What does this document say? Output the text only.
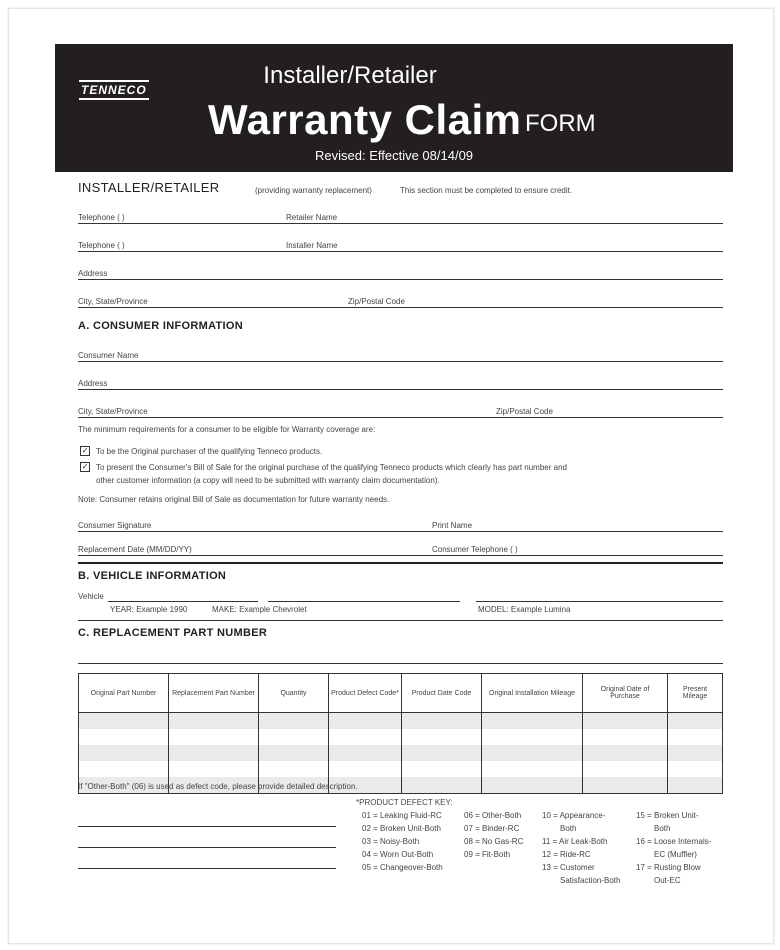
TENNECO
Installer/Retailer
Warranty Claim FORM
Revised: Effective 08/14/09
INSTALLER/RETAILER	(providing warranty replacement)	This section must be completed to ensure credit.
Telephone ( )	Retailer Name
Telephone ( )	Installer Name
Address
City, State/Province	Zip/Postal Code
A. CONSUMER INFORMATION
Consumer Name
Address
City, State/Province	Zip/Postal Code
The minimum requirements for a consumer to be eligible for Warranty coverage are:
✓ To be the Original purchaser of the qualifying Tenneco products.
✓ To present the Consumer's Bill of Sale for the original purchase of the qualifying Tenneco products which clearly has part number and
other customer information (a copy will need to be submitted with warranty claim documentation).
Note: Consumer retains original Bill of Sale as documentation for future warranty needs.
Consumer Signature	Print Name
Replacement Date (MM/DD/YY)	Consumer Telephone ( )
B. VEHICLE INFORMATION
Vehicle
YEAR: Example 1990	MAKE: Example Chevrolet	MODEL: Example Lumina
C. REPLACEMENT PART NUMBER
Original Part Number	Replacement Part Number	Quantity	Product Defect Code*	Product Date Code	Original Installation Mileage	Original Date of Purchase	Present Mileage

If "Other-Both" (06) is used as defect code, please provide detailed description.
*PRODUCT DEFECT KEY:
01 = Leaking Fluid-RC
02 = Broken Unit-Both
03 = Noisy-Both
04 = Worn Out-Both
05 = Changeover-Both
06 = Other-Both
07 = Binder-RC
08 = No Gas-RC
09 = Fit-Both
10 = Appearance-
Both
11 = Air Leak-Both
12 = Ride-RC
13 = Customer
Satisfaction-Both
15 = Broken Unit-
Both
16 = Loose Internals-
EC (Muffler)
17 = Rusting Blow
Out-EC
